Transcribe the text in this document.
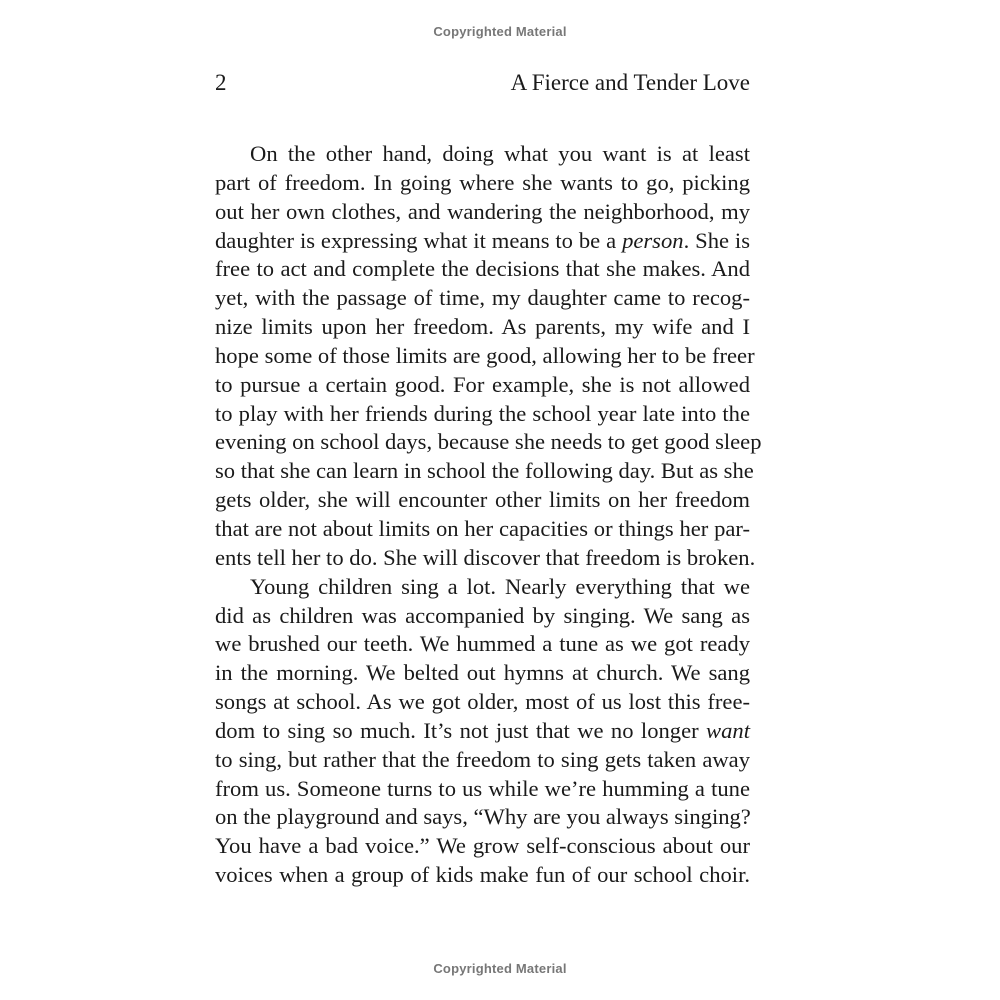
Copyrighted Material
2	A Fierce and Tender Love
On the other hand, doing what you want is at least
part of freedom. In going where she wants to go, picking
out her own clothes, and wandering the neighborhood, my
daughter is expressing what it means to be a person. She is
free to act and complete the decisions that she makes. And
yet, with the passage of time, my daughter came to recog-
nize limits upon her freedom. As parents, my wife and I
hope some of those limits are good, allowing her to be freer
to pursue a certain good. For example, she is not allowed
to play with her friends during the school year late into the
evening on school days, because she needs to get good sleep
so that she can learn in school the following day. But as she
gets older, she will encounter other limits on her freedom
that are not about limits on her capacities or things her par-
ents tell her to do. She will discover that freedom is broken.
Young children sing a lot. Nearly everything that we
did as children was accompanied by singing. We sang as
we brushed our teeth. We hummed a tune as we got ready
in the morning. We belted out hymns at church. We sang
songs at school. As we got older, most of us lost this free-
dom to sing so much. It’s not just that we no longer want
to sing, but rather that the freedom to sing gets taken away
from us. Someone turns to us while we’re humming a tune
on the playground and says, “Why are you always singing?
You have a bad voice.” We grow self-conscious about our
voices when a group of kids make fun of our school choir.
Copyrighted Material
